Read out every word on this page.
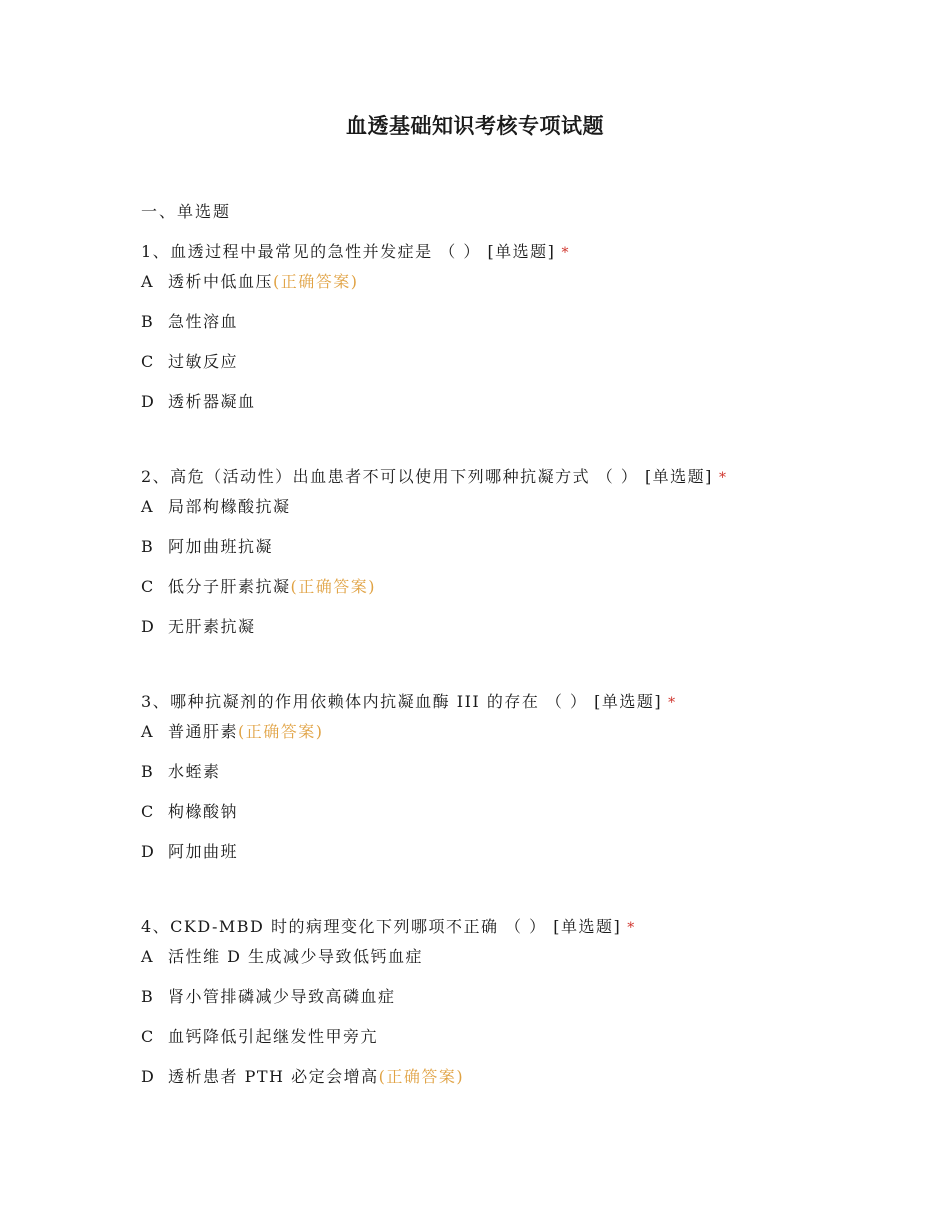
血透基础知识考核专项试题
一、单选题
1、血透过程中最常见的急性并发症是 （ ） [单选题] *
A 透析中低血压(正确答案)
B 急性溶血
C 过敏反应
D 透析器凝血
2、高危（活动性）出血患者不可以使用下列哪种抗凝方式 （ ） [单选题] *
A 局部枸橼酸抗凝
B 阿加曲班抗凝
C 低分子肝素抗凝(正确答案)
D 无肝素抗凝
3、哪种抗凝剂的作用依赖体内抗凝血酶 III 的存在 （ ） [单选题] *
A 普通肝素(正确答案)
B 水蛭素
C 枸橼酸钠
D 阿加曲班
4、CKD-MBD 时的病理变化下列哪项不正确 （ ） [单选题] *
A 活性维 D 生成减少导致低钙血症
B 肾小管排磷减少导致高磷血症
C 血钙降低引起继发性甲旁亢
D 透析患者 PTH 必定会增高(正确答案)
